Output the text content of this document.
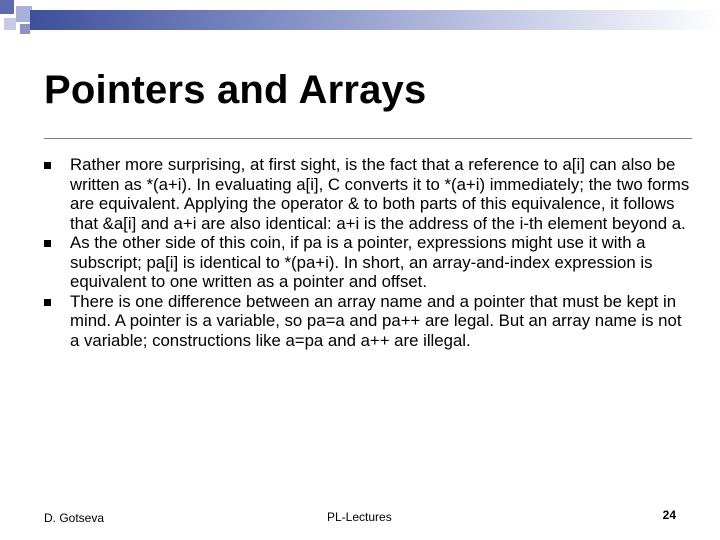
Pointers and Arrays
Rather more surprising, at first sight, is the fact that a reference to a[i] can also be written as *(a+i). In evaluating a[i], C converts it to *(a+i) immediately; the two forms are equivalent. Applying the operator & to both parts of this equivalence, it follows that &a[i] and a+i are also identical: a+i is the address of the i-th element beyond a.
As the other side of this coin, if pa is a pointer, expressions might use it with a subscript; pa[i] is identical to *(pa+i). In short, an array-and-index expression is equivalent to one written as a pointer and offset.
There is one difference between an array name and a pointer that must be kept in mind. A pointer is a variable, so pa=a and pa++ are legal. But an array name is not a variable; constructions like a=pa and a++ are illegal.
D. Gotseva	PL-Lectures	24
